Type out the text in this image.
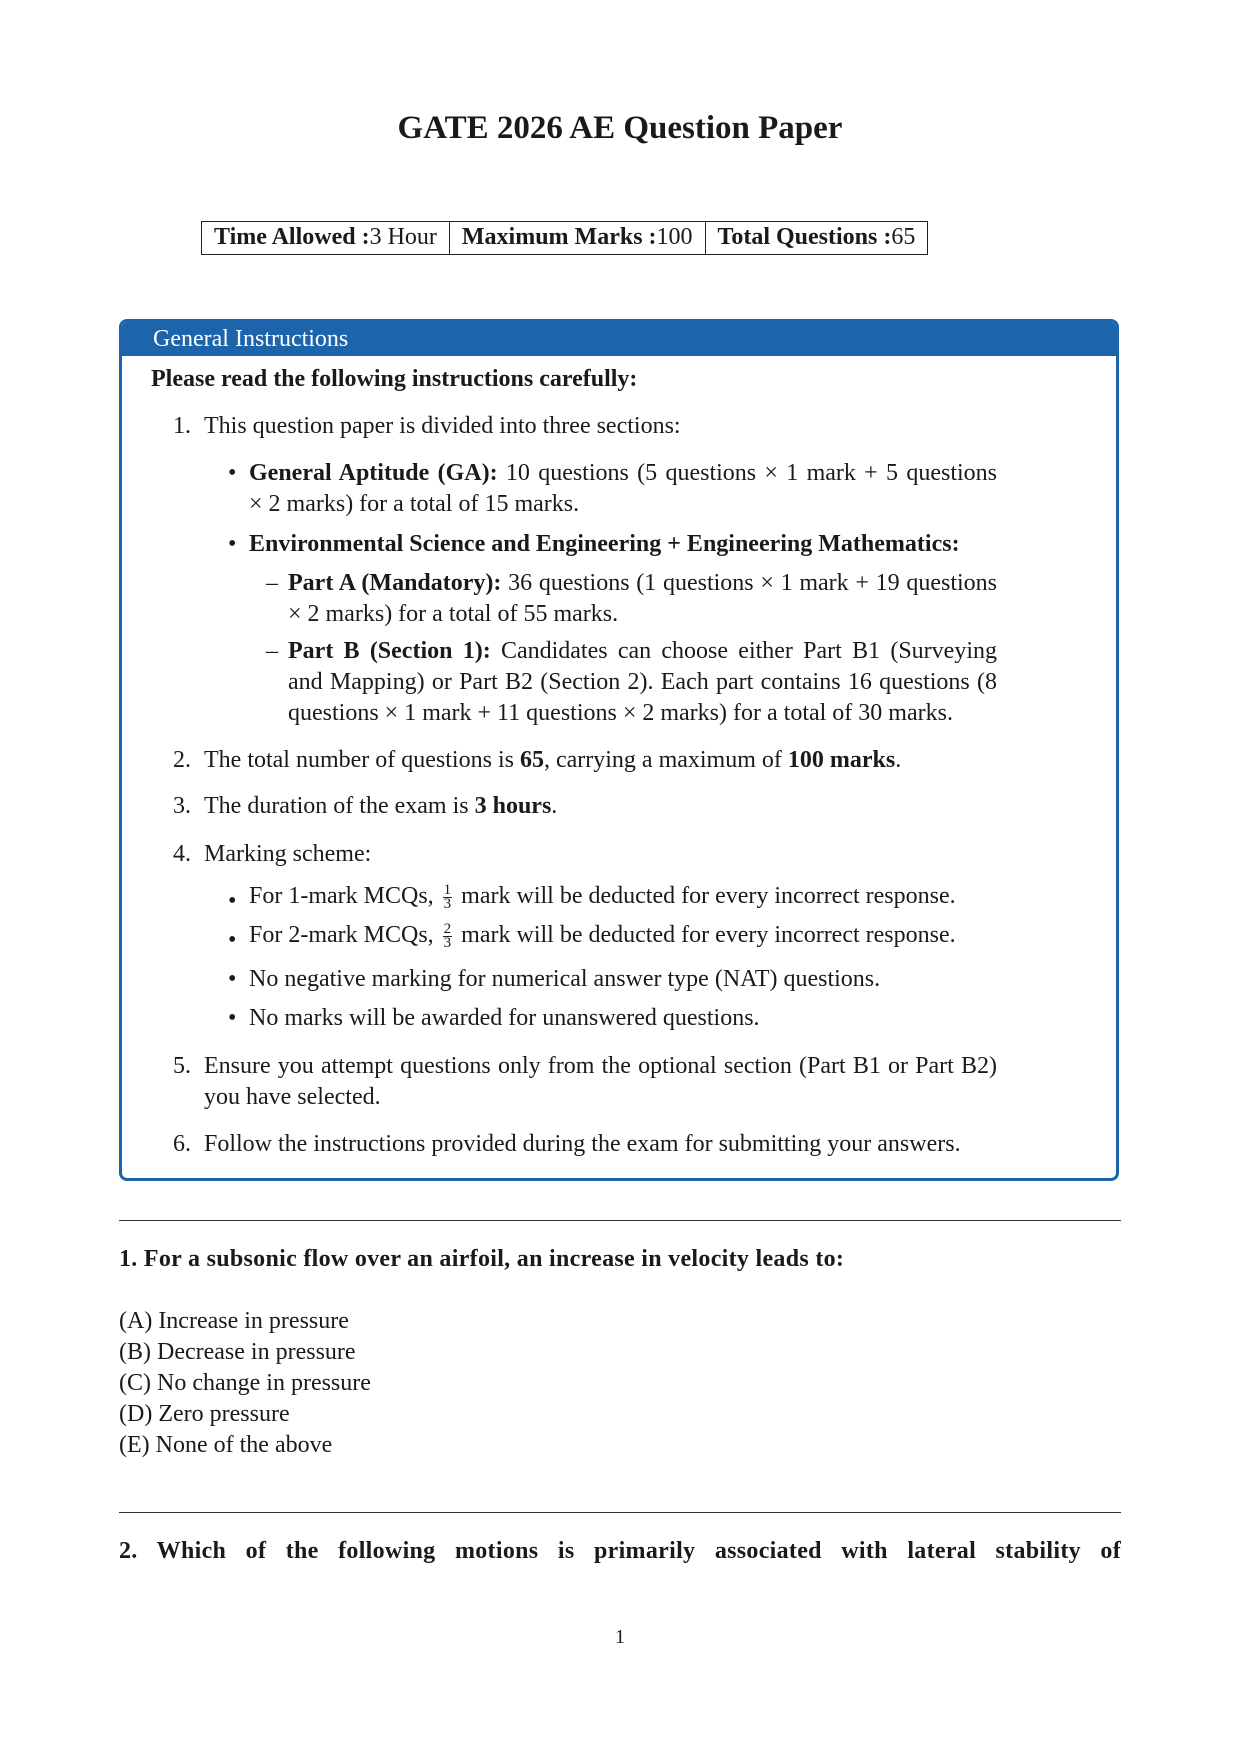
GATE 2026 AE Question Paper
Time Allowed :3 Hour	Maximum Marks :100	Total Questions :65
General Instructions
Please read the following instructions carefully:
1. This question paper is divided into three sections:
• General Aptitude (GA): 10 questions (5 questions × 1 mark + 5 questions
× 2 marks) for a total of 15 marks.
• Environmental Science and Engineering + Engineering Mathematics:
– Part A (Mandatory): 36 questions (1 questions × 1 mark + 19 questions
× 2 marks) for a total of 55 marks.
– Part B (Section 1): Candidates can choose either Part B1 (Surveying
and Mapping) or Part B2 (Section 2). Each part contains 16 questions (8
questions × 1 mark + 11 questions × 2 marks) for a total of 30 marks.
2. The total number of questions is 65, carrying a maximum of 100 marks.
3. The duration of the exam is 3 hours.
4. Marking scheme:
• For 1-mark MCQs, $\frac{1}{3}$ mark will be deducted for every incorrect response.
• For 2-mark MCQs, $\frac{2}{3}$ mark will be deducted for every incorrect response.
• No negative marking for numerical answer type (NAT) questions.
• No marks will be awarded for unanswered questions.
5. Ensure you attempt questions only from the optional section (Part B1 or Part B2)
you have selected.
6. Follow the instructions provided during the exam for submitting your answers.
1. For a subsonic flow over an airfoil, an increase in velocity leads to:
(A) Increase in pressure
(B) Decrease in pressure
(C) No change in pressure
(D) Zero pressure
(E) None of the above
2. Which of the following motions is primarily associated with lateral stability of
1
